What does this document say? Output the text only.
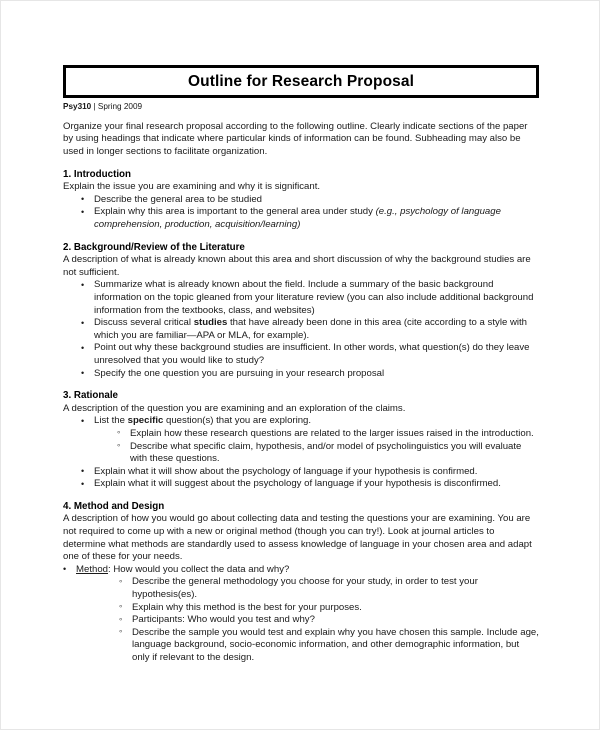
Outline for Research Proposal
Psy310 | Spring 2009

Organize your final research proposal according to the following outline. Clearly indicate sections of the paper by using headings that indicate where particular kinds of information can be found. Subheading may also be used in longer sections to facilitate organization.

1. Introduction

Explain the issue you are examining and why it is significant.

• Describe the general area to be studied
• Explain why this area is important to the general area under study (e.g., psychology of language comprehension, production, acquisition/learning)
2. Background/Review of the Literature

A description of what is already known about this area and short discussion of why the background studies are not sufficient.

• Summarize what is already known about the field. Include a summary of the basic background information on the topic gleaned from your literature review (you can also include additional background information from the textbooks, class, and websites)
• Discuss several critical studies that have already been done in this area (cite according to a style with which you are familiar—APA or MLA, for example).
• Point out why these background studies are insufficient. In other words, what question(s) do they leave unresolved that you would like to study?
• Specify the one question you are pursuing in your research proposal
3. Rationale

A description of the question you are examining and an exploration of the claims.

• List the specific question(s) that you are exploring.
◦ Explain how these research questions are related to the larger issues raised in the introduction.
◦ Describe what specific claim, hypothesis, and/or model of psycholinguistics you will evaluate with these questions.
• Explain what it will show about the psychology of language if your hypothesis is confirmed.
• Explain what it will suggest about the psychology of language if your hypothesis is disconfirmed.
4. Method and Design

A description of how you would go about collecting data and testing the questions your are examining. You are not required to come up with a new or original method (though you can try!). Look at journal articles to determine what methods are standardly used to assess knowledge of language in your chosen area and adapt one of these for your needs.

• Method: How would you collect the data and why?
◦ Describe the general methodology you choose for your study, in order to test your hypothesis(es).
◦ Explain why this method is the best for your purposes.
◦ Participants: Who would you test and why?
◦ Describe the sample you would test and explain why you have chosen this sample. Include age, language background, socio-economic information, and other demographic information, but only if relevant to the design.
